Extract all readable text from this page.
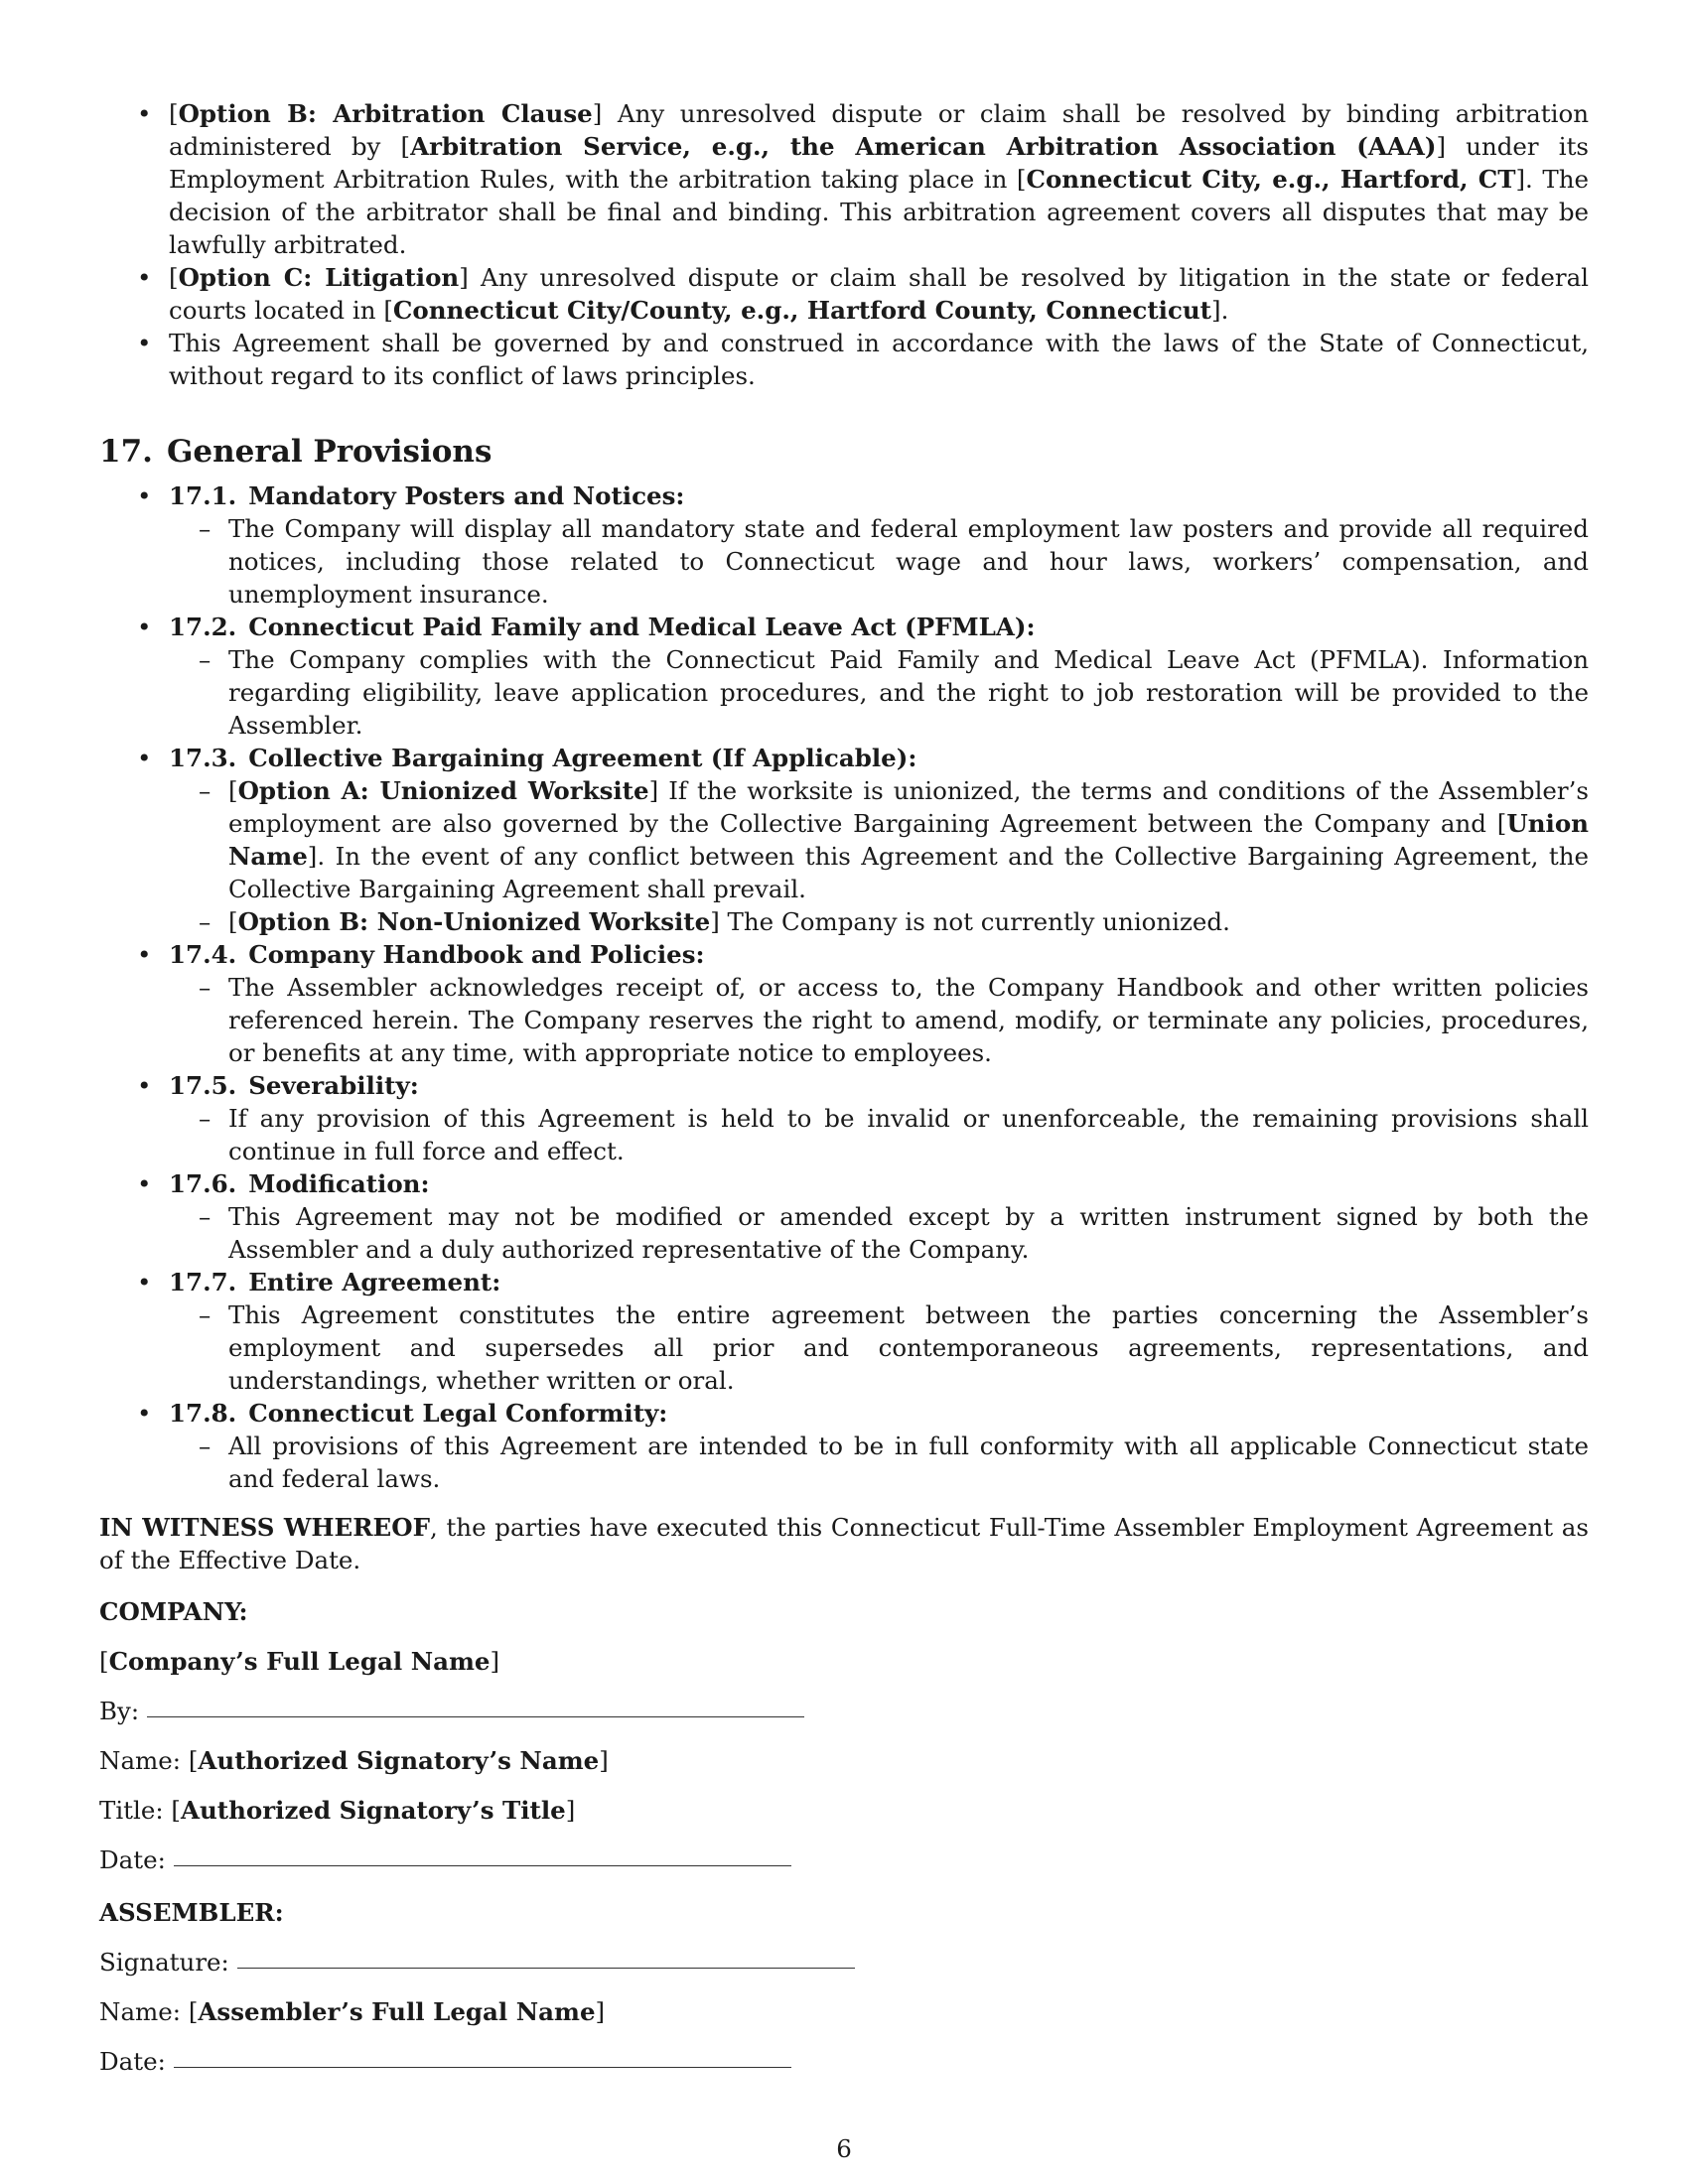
• [Option B: Arbitration Clause] Any unresolved dispute or claim shall be resolved by binding arbitration administered by [Arbitration Service, e.g., the American Arbitration Association (AAA)] under its Employment Arbitration Rules, with the arbitration taking place in [Connecticut City, e.g., Hartford, CT]. The decision of the arbitrator shall be final and binding. This arbitration agreement covers all disputes that may be lawfully arbitrated.
• [Option C: Litigation] Any unresolved dispute or claim shall be resolved by litigation in the state or federal courts located in [Connecticut City/County, e.g., Hartford County, Connecticut].
• This Agreement shall be governed by and construed in accordance with the laws of the State of Connecticut, without regard to its conflict of laws principles.
17. General Provisions
• 17.1. Mandatory Posters and Notices:
– The Company will display all mandatory state and federal employment law posters and provide all required notices, including those related to Connecticut wage and hour laws, workers’ compensation, and unemployment insurance.
• 17.2. Connecticut Paid Family and Medical Leave Act (PFMLA):
– The Company complies with the Connecticut Paid Family and Medical Leave Act (PFMLA). Information regarding eligibility, leave application procedures, and the right to job restoration will be provided to the Assembler.
• 17.3. Collective Bargaining Agreement (If Applicable):
– [Option A: Unionized Worksite] If the worksite is unionized, the terms and conditions of the Assembler’s employment are also governed by the Collective Bargaining Agreement between the Company and [Union Name]. In the event of any conflict between this Agreement and the Collective Bargaining Agreement, the Collective Bargaining Agreement shall prevail.
– [Option B: Non-Unionized Worksite] The Company is not currently unionized.
• 17.4. Company Handbook and Policies:
– The Assembler acknowledges receipt of, or access to, the Company Handbook and other written policies referenced herein. The Company reserves the right to amend, modify, or terminate any policies, procedures, or benefits at any time, with appropriate notice to employees.
• 17.5. Severability:
– If any provision of this Agreement is held to be invalid or unenforceable, the remaining provisions shall continue in full force and effect.
• 17.6. Modification:
– This Agreement may not be modified or amended except by a written instrument signed by both the Assembler and a duly authorized representative of the Company.
• 17.7. Entire Agreement:
– This Agreement constitutes the entire agreement between the parties concerning the Assembler’s employment and supersedes all prior and contemporaneous agreements, representations, and understandings, whether written or oral.
• 17.8. Connecticut Legal Conformity:
– All provisions of this Agreement are intended to be in full conformity with all applicable Connecticut state and federal laws.

IN WITNESS WHEREOF, the parties have executed this Connecticut Full-Time Assembler Employment Agreement as of the Effective Date.

COMPANY:
[Company’s Full Legal Name]
By:
Name: [Authorized Signatory’s Name]
Title: [Authorized Signatory’s Title]
Date:
ASSEMBLER:
Signature:
Name: [Assembler’s Full Legal Name]
Date:
6
